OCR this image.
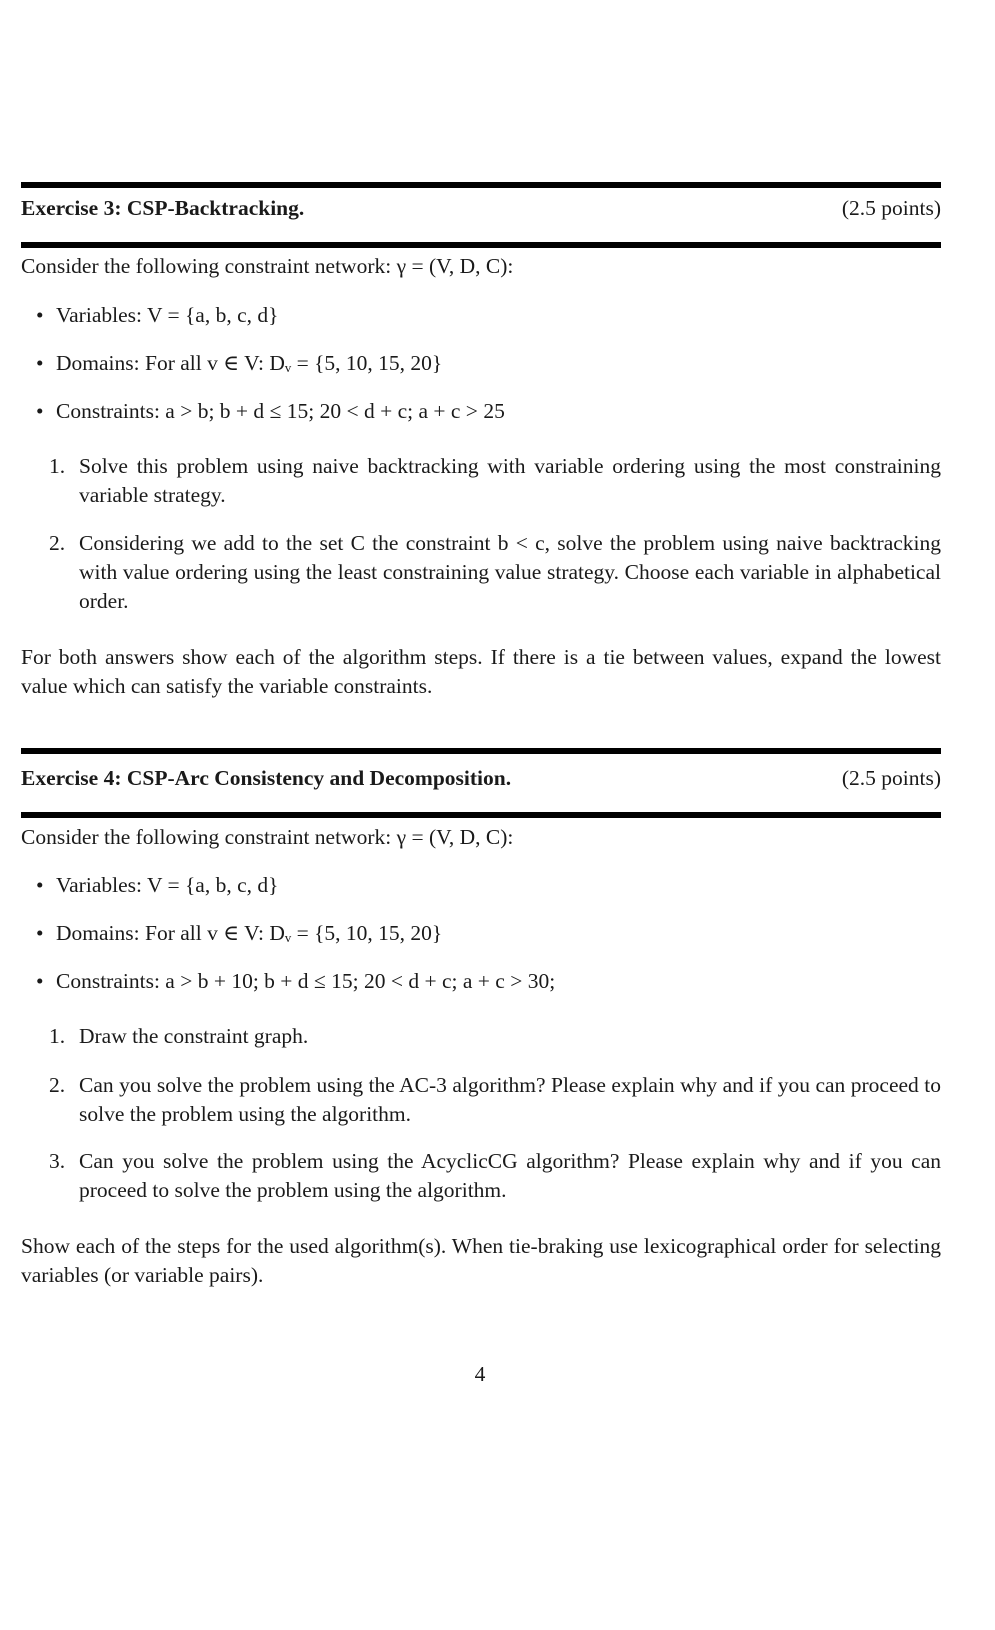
Exercise 3: CSP-Backtracking.	(2.5 points)
Consider the following constraint network: γ = (V, D, C):
• Variables: V = {a, b, c, d}
• Domains: For all v ∈ V: Dᵥ = {5, 10, 15, 20}
• Constraints: a > b; b + d ≤ 15; 20 < d + c; a + c > 25
1. Solve this problem using naive backtracking with variable ordering using the most constraining variable strategy.
2. Considering we add to the set C the constraint b < c, solve the problem using naive backtracking with value ordering using the least constraining value strategy. Choose each variable in alphabetical order.
For both answers show each of the algorithm steps. If there is a tie between values, expand the lowest value which can satisfy the variable constraints.
Exercise 4: CSP-Arc Consistency and Decomposition.	(2.5 points)
Consider the following constraint network: γ = (V, D, C):
• Variables: V = {a, b, c, d}
• Domains: For all v ∈ V: Dᵥ = {5, 10, 15, 20}
• Constraints: a > b + 10; b + d ≤ 15; 20 < d + c; a + c > 30;
1. Draw the constraint graph.
2. Can you solve the problem using the AC-3 algorithm? Please explain why and if you can proceed to solve the problem using the algorithm.
3. Can you solve the problem using the AcyclicCG algorithm? Please explain why and if you can proceed to solve the problem using the algorithm.
Show each of the steps for the used algorithm(s). When tie-braking use lexicographical order for selecting variables (or variable pairs).
4
